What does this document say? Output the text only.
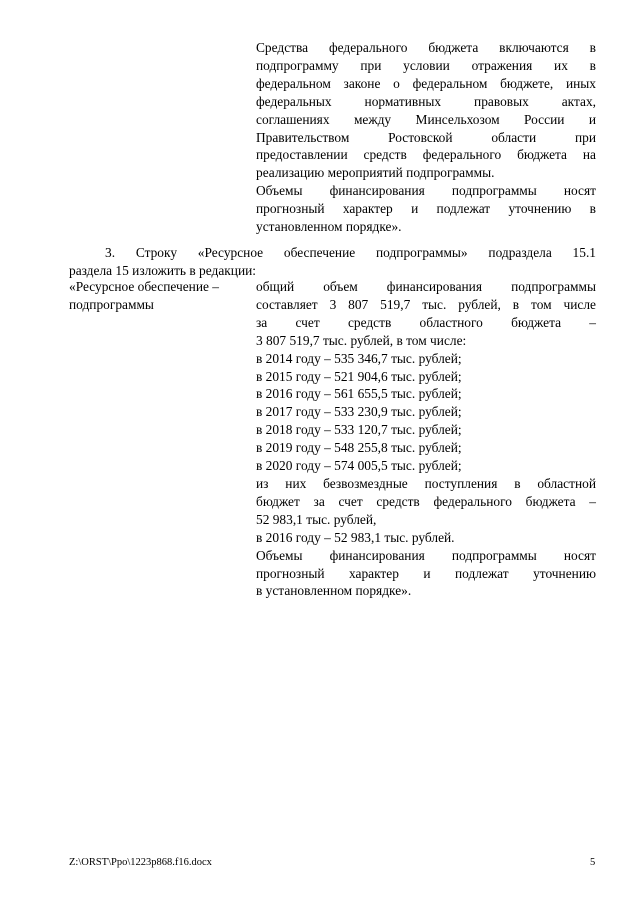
Средства федерального бюджета включаются в
подпрограмму при условии отражения их в
федеральном законе о федеральном бюджете, иных
федеральных нормативных правовых актах,
соглашениях между Минсельхозом России и
Правительством Ростовской области при
предоставлении средств федерального бюджета на
реализацию мероприятий подпрограммы.
Объемы финансирования подпрограммы носят
прогнозный характер и подлежат уточнению в
установленном порядке».
3. Строку «Ресурсное обеспечение подпрограммы» подраздела 15.1
раздела 15 изложить в редакции:
«Ресурсное обеспечение –
подпрограммы
общий объем финансирования подпрограммы
составляет 3 807 519,7 тыс. рублей, в том числе
за счет средств областного бюджета –
3 807 519,7 тыс. рублей, в том числе:
в 2014 году – 535 346,7 тыс. рублей;
в 2015 году – 521 904,6 тыс. рублей;
в 2016 году – 561 655,5 тыс. рублей;
в 2017 году – 533 230,9 тыс. рублей;
в 2018 году – 533 120,7 тыс. рублей;
в 2019 году – 548 255,8 тыс. рублей;
в 2020 году – 574 005,5 тыс. рублей;
из них безвозмездные поступления в областной
бюджет за счет средств федерального бюджета –
52 983,1 тыс. рублей,
в 2016 году – 52 983,1 тыс. рублей.
Объемы финансирования подпрограммы носят
прогнозный характер и подлежат уточнению
в установленном порядке».
Z:\ORST\Ppo\1223p868.f16.docx	5
